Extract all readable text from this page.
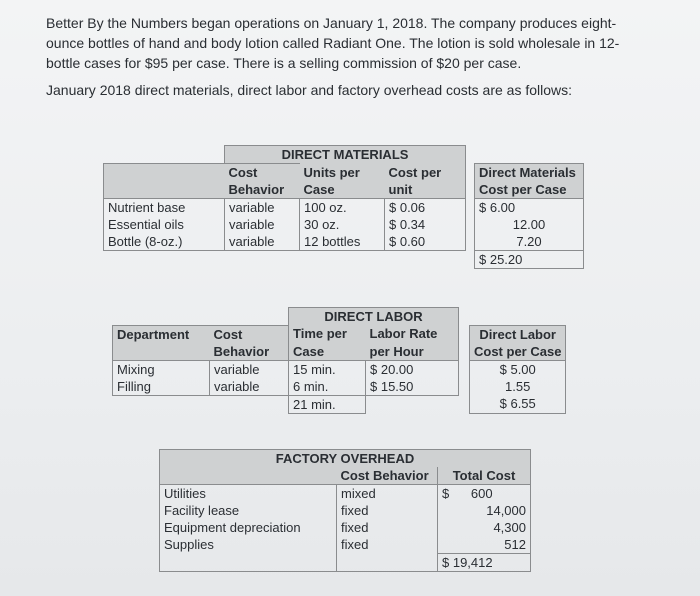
Better By the Numbers began operations on January 1, 2018. The company produces eight-
ounce bottles of hand and body lotion called Radiant One. The lotion is sold wholesale in 12-
bottle cases for $95 per case. There is a selling commission of $20 per case.

January 2018 direct materials, direct labor and factory overhead costs are as follows:

	DIRECT MATERIALS				
	Cost	Units per	Cost per		Direct Materials
	Behavior	Case	unit		Cost per Case
Nutrient base	variable	100 oz.	$ 0.06		$ 6.00
Essential oils	variable	30 oz.	$ 0.34		12.00
Bottle (8-oz.)	variable	12 bottles	$ 0.60		7.20
					$ 25.20
		DIRECT LABOR			
Department	Cost	Time per	Labor Rate		Direct Labor
	Behavior	Case	per Hour		Cost per Case
Mixing	variable	15 min.	$ 20.00		$ 5.00
Filling	variable	6 min.	$ 15.50		1.55
		21 min.			$ 6.55
FACTORY OVERHEAD		
	Cost Behavior	Total Cost
Utilities	mixed	$      600
Facility lease	fixed	14,000
Equipment depreciation	fixed	4,300
Supplies	fixed	512
		$ 19,412
